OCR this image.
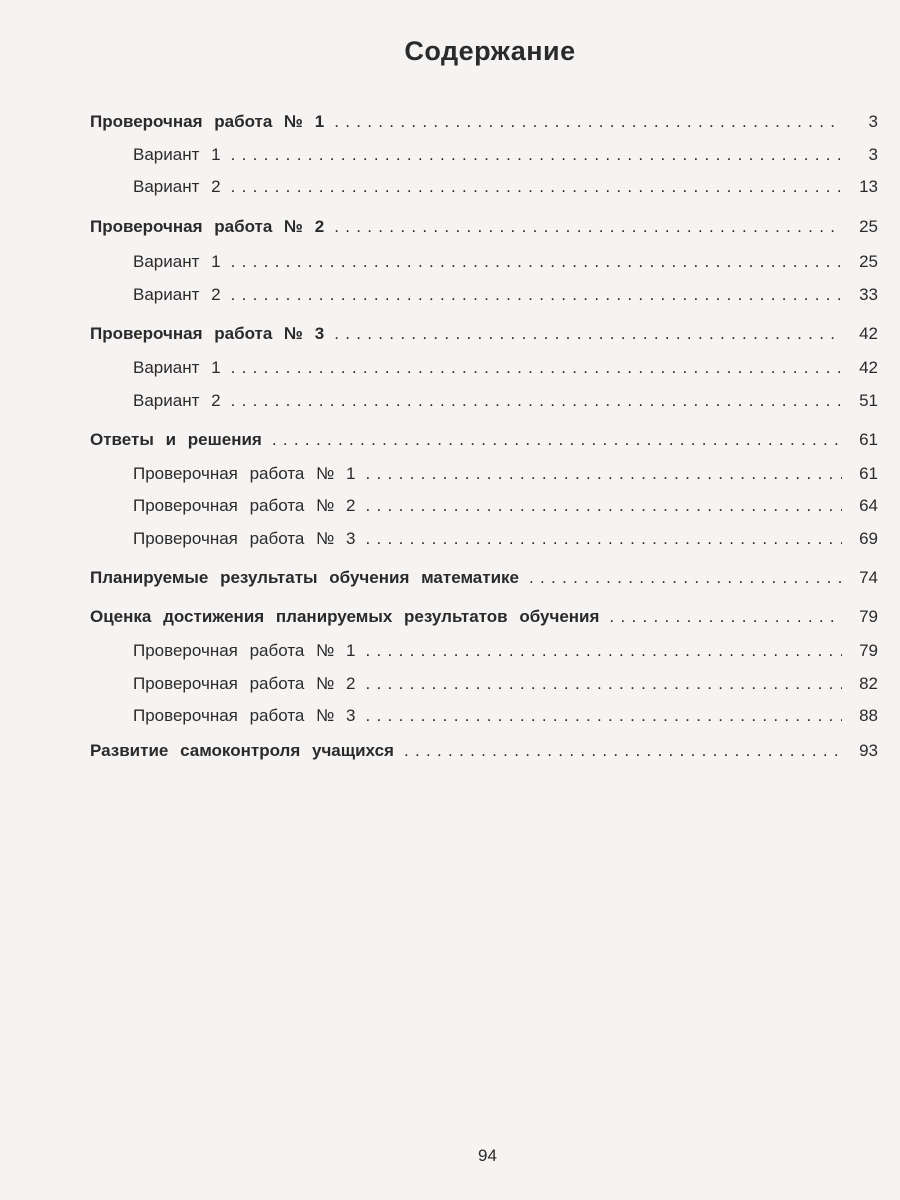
Содержание
Проверочная работа № 1 .....	3
Вариант 1 .....	3
Вариант 2 .....	13
Проверочная работа № 2 .....	25
Вариант 1 .....	25
Вариант 2 .....	33
Проверочная работа № 3 .....	42
Вариант 1 .....	42
Вариант 2 .....	51
Ответы и решения .....	61
Проверочная работа № 1 .....	61
Проверочная работа № 2 .....	64
Проверочная работа № 3 .....	69
Планируемые результаты обучения математике .....	74
Оценка достижения планируемых результатов обучения .....	79
Проверочная работа № 1 .....	79
Проверочная работа № 2 .....	82
Проверочная работа № 3 .....	88
Развитие самоконтроля учащихся .....	93
94
